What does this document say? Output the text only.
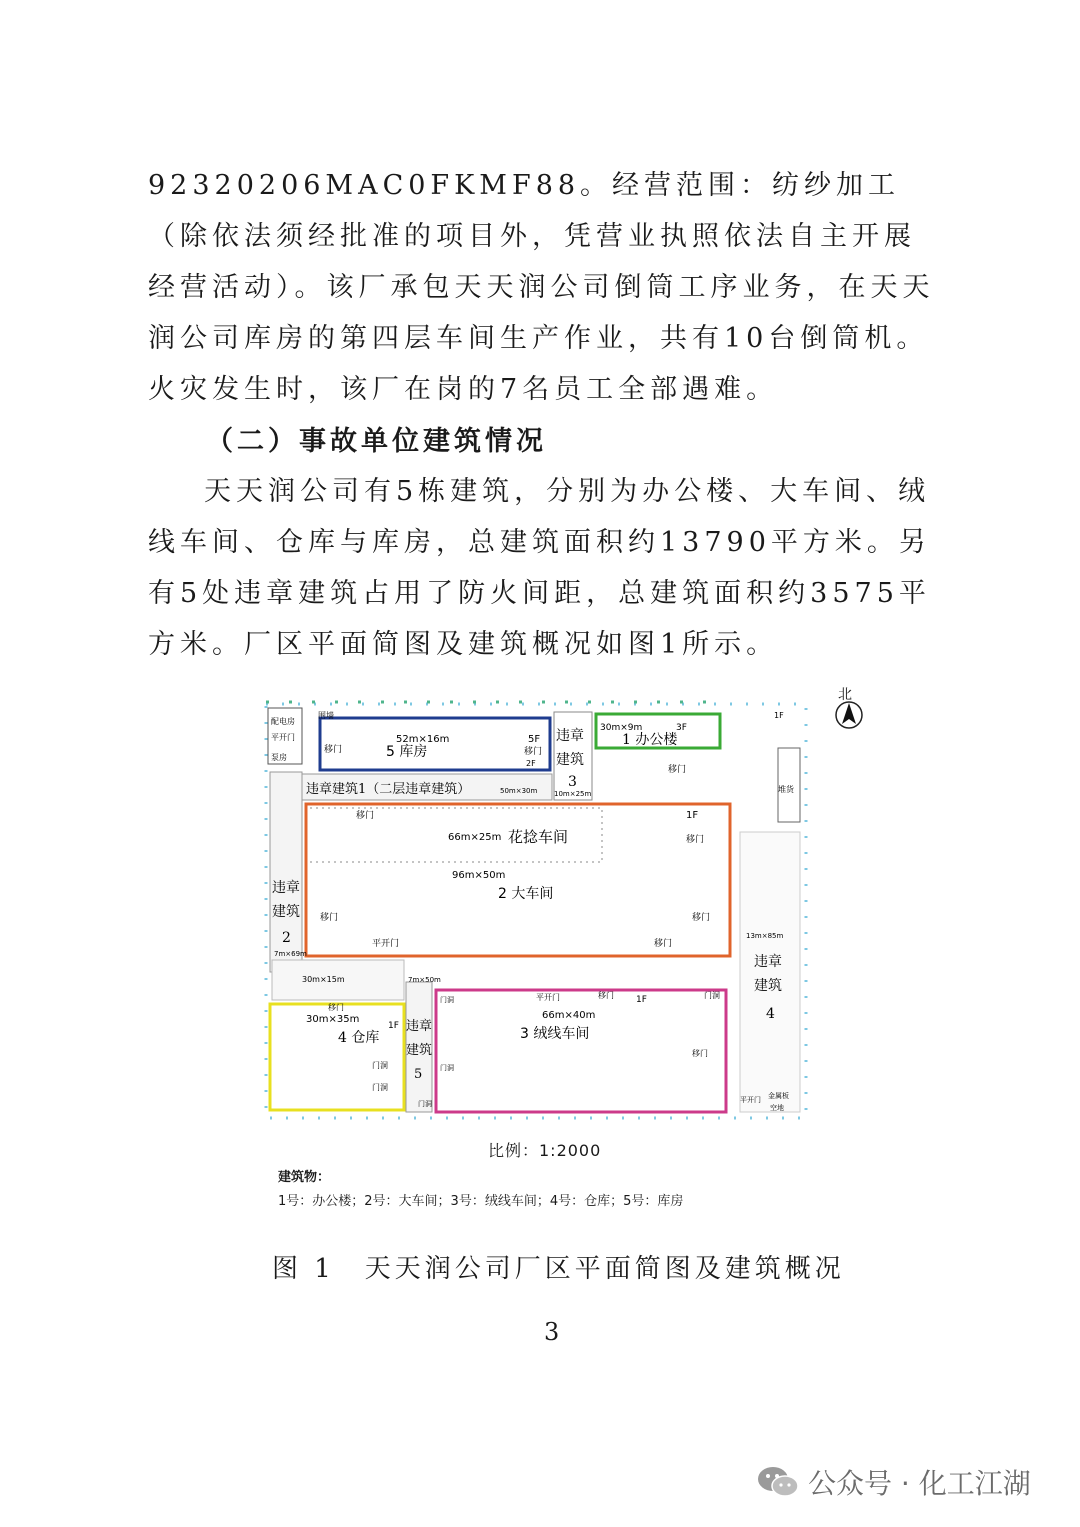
92320206MAC0FKMF88。经营范围：纺纱加工（除依法须经批准的项目外，凭营业执照依法自主开展经营活动）。该厂承包天天润公司倒筒工序业务，在天天润公司库房的第四层车间生产作业，共有10台倒筒机。火灾发生时，该厂在岗的7名员工全部遇难。

（二）事故单位建筑情况

天天润公司有5栋建筑，分别为办公楼、大车间、绒线车间、仓库与库房，总建筑面积约13790平方米。另有5处违章建筑占用了防火间距，总建筑面积约3575平方米。厂区平面简图及建筑概况如图1所示。

配电房
平开门
泵房
围墙
52m×16m
5 库房
5F
移门	移门
违章
建筑
3
10m×25m
2F
30m×9m	3F
1 办公楼
移门
1F
违章建筑1（二层违章建筑）	50m×30m
66m×25m 花捻车间
96m×50m
2 大车间
1F
移门
移门
移门
平开门	移门
移门
违章
建筑
2
7m×69m
30m×15m
堆货
13m×85m
违章
建筑
4
金属板
空地
平开门
30m×35m
4 仓库
1F
移门
门洞
门洞
7m×50m
违章
建筑
5
门洞
门洞
门洞
66m×40m
3 绒线车间
1F
平开门	移门	门洞
移门
北
比例：1:2000
建筑物：
1号：办公楼；2号：大车间；3号：绒线车间；4号：仓库；5号：库房
图 1　天天润公司厂区平面简图及建筑概况
3
公众号 · 化工江湖
